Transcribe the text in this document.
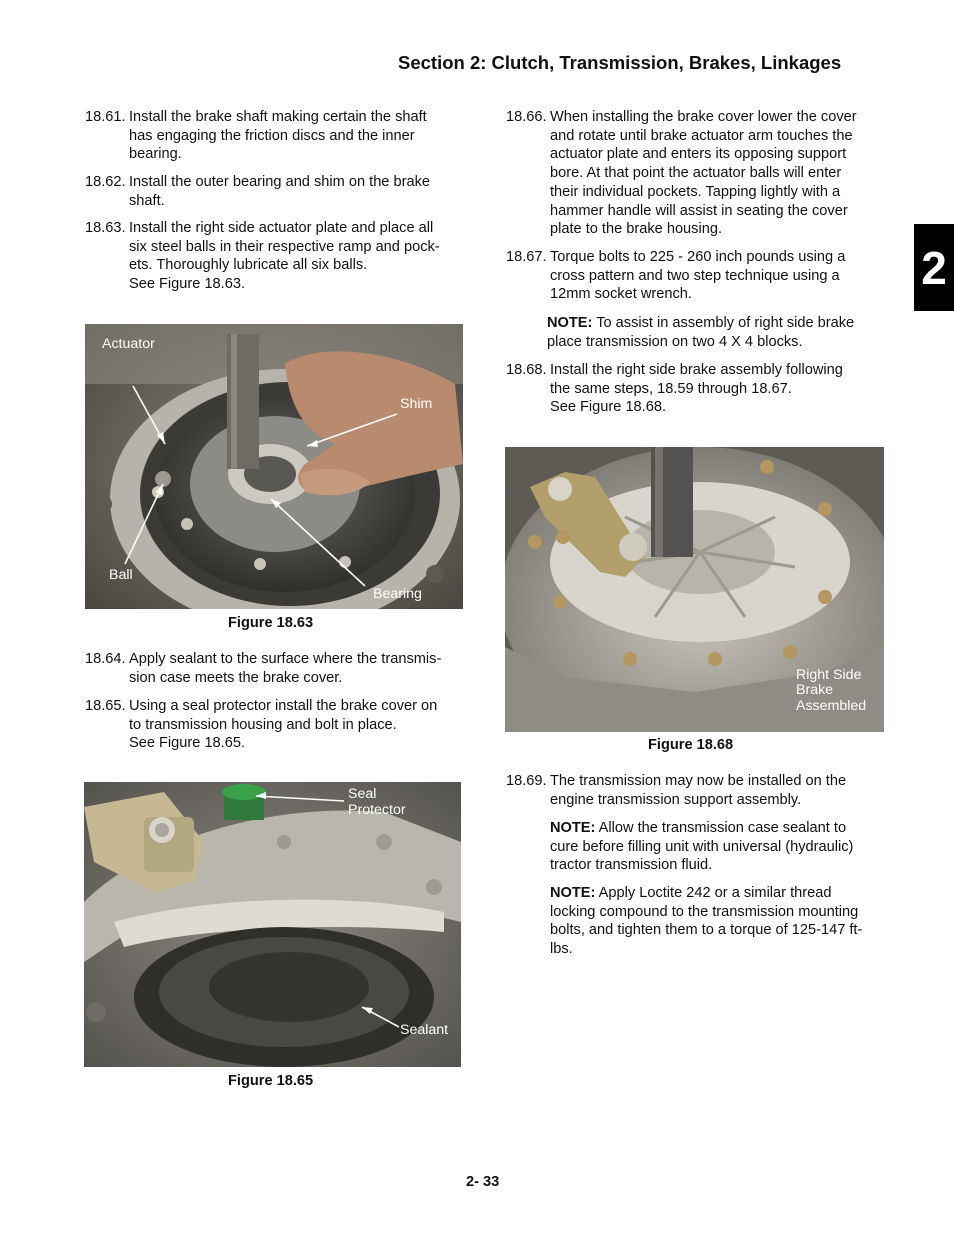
Section 2: Clutch, Transmission, Brakes, Linkages
2
18.61. Install the brake shaft making certain the shaft
has engaging the friction discs and the inner
bearing.
18.62. Install the outer bearing and shim on the brake
shaft.
18.63. Install the right side actuator plate and place all
six steel balls in their respective ramp and pock-
ets. Thoroughly lubricate all six balls.
See Figure 18.63.
Actuator
Shim
Ball
Bearing
Figure 18.63
18.64. Apply sealant to the surface where the transmis-
sion case meets the brake cover.
18.65. Using a seal protector install the brake cover on
to transmission housing and bolt in place.
See Figure 18.65.
Seal
Protector
Sealant
Figure 18.65
18.66. When installing the brake cover lower the cover
and rotate until brake actuator arm touches the
actuator plate and enters its opposing support
bore. At that point the actuator balls will enter
their individual pockets. Tapping lightly with a
hammer handle will assist in seating the cover
plate to the brake housing.
18.67. Torque bolts to 225 - 260 inch pounds using a
cross pattern and two step technique using a
12mm socket wrench.
NOTE: To assist in assembly of right side brake
place transmission on two 4 X 4 blocks.
18.68. Install the right side brake assembly following
the same steps, 18.59 through 18.67.
See Figure 18.68.
Right Side
Brake
Assembled
Figure 18.68
18.69. The transmission may now be installed on the
engine transmission support assembly.
NOTE: Allow the transmission case sealant to
cure before filling unit with universal (hydraulic)
tractor transmission fluid.
NOTE: Apply Loctite 242 or a similar thread
locking compound to the transmission mounting
bolts, and tighten them to a torque of 125-147 ft-
lbs.
2- 33
